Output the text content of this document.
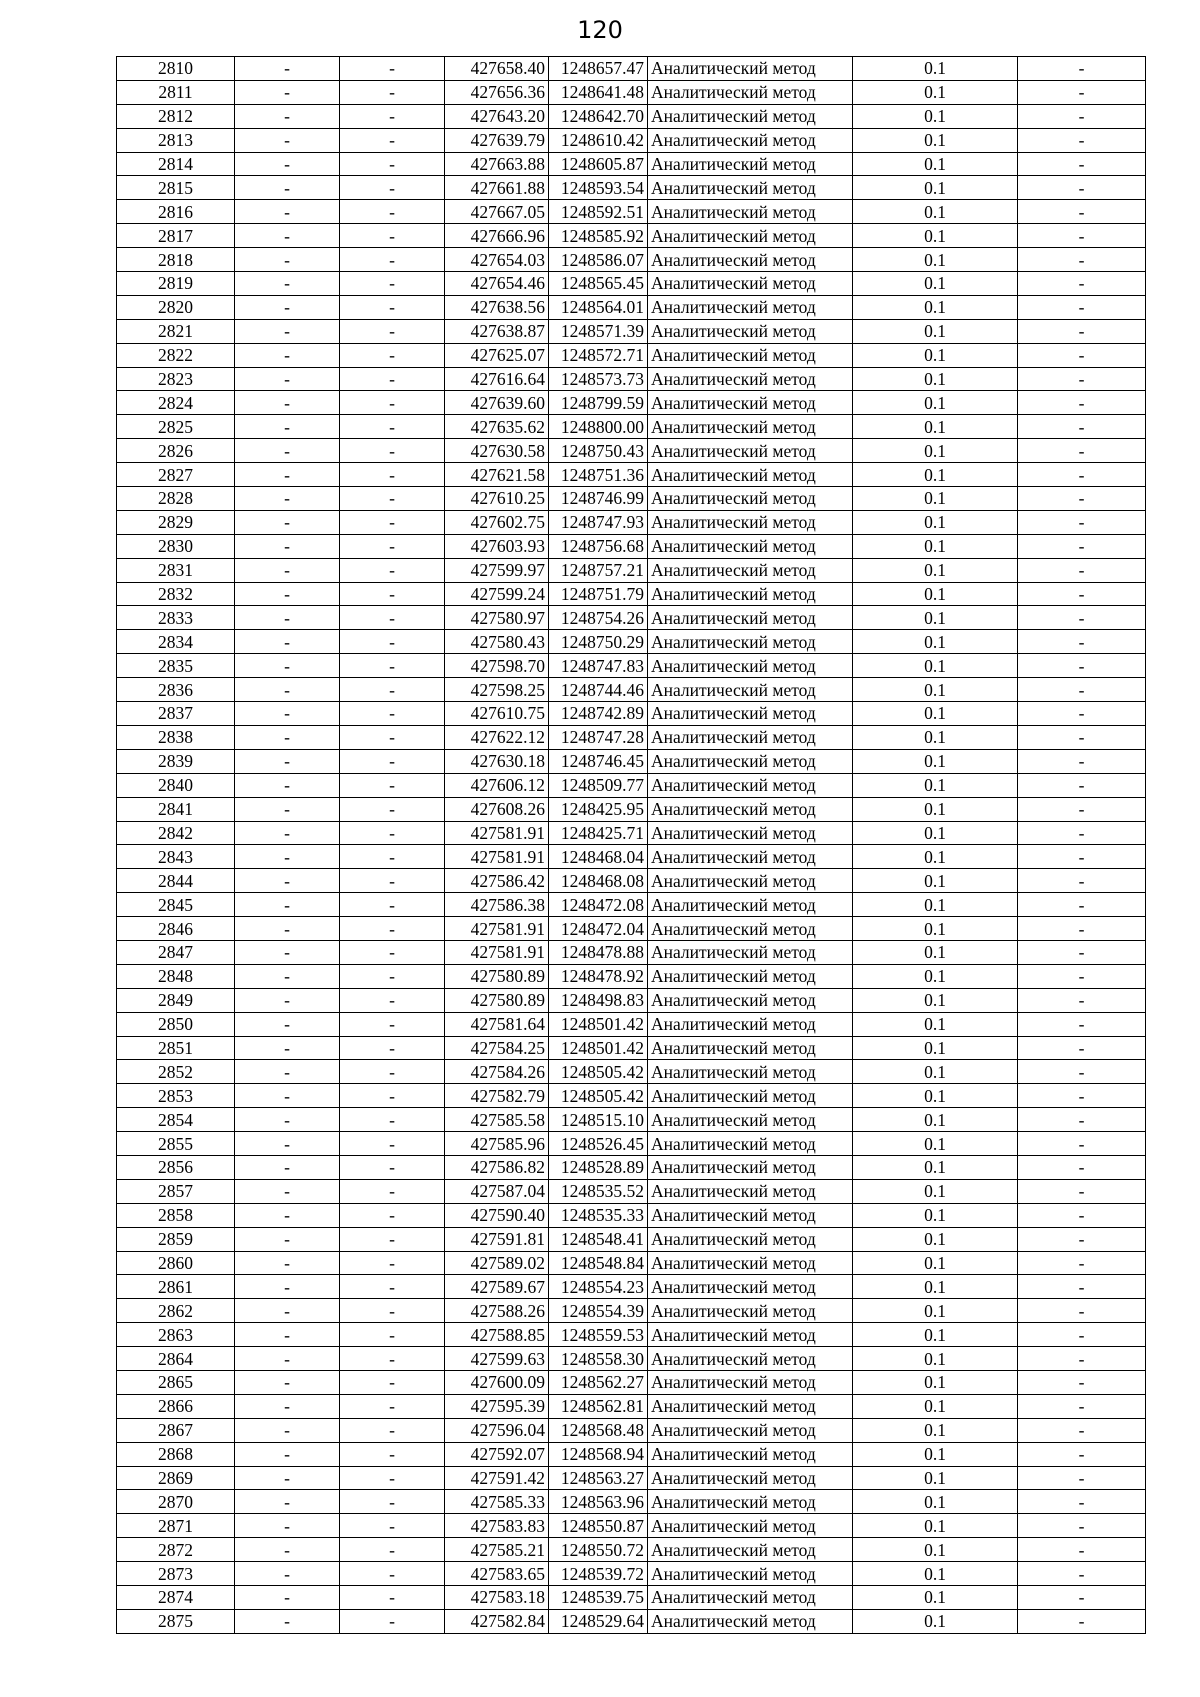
120
2810	-	-	427658.40	1248657.47	Аналитический метод	0.1	-
2811	-	-	427656.36	1248641.48	Аналитический метод	0.1	-
2812	-	-	427643.20	1248642.70	Аналитический метод	0.1	-
2813	-	-	427639.79	1248610.42	Аналитический метод	0.1	-
2814	-	-	427663.88	1248605.87	Аналитический метод	0.1	-
2815	-	-	427661.88	1248593.54	Аналитический метод	0.1	-
2816	-	-	427667.05	1248592.51	Аналитический метод	0.1	-
2817	-	-	427666.96	1248585.92	Аналитический метод	0.1	-
2818	-	-	427654.03	1248586.07	Аналитический метод	0.1	-
2819	-	-	427654.46	1248565.45	Аналитический метод	0.1	-
2820	-	-	427638.56	1248564.01	Аналитический метод	0.1	-
2821	-	-	427638.87	1248571.39	Аналитический метод	0.1	-
2822	-	-	427625.07	1248572.71	Аналитический метод	0.1	-
2823	-	-	427616.64	1248573.73	Аналитический метод	0.1	-
2824	-	-	427639.60	1248799.59	Аналитический метод	0.1	-
2825	-	-	427635.62	1248800.00	Аналитический метод	0.1	-
2826	-	-	427630.58	1248750.43	Аналитический метод	0.1	-
2827	-	-	427621.58	1248751.36	Аналитический метод	0.1	-
2828	-	-	427610.25	1248746.99	Аналитический метод	0.1	-
2829	-	-	427602.75	1248747.93	Аналитический метод	0.1	-
2830	-	-	427603.93	1248756.68	Аналитический метод	0.1	-
2831	-	-	427599.97	1248757.21	Аналитический метод	0.1	-
2832	-	-	427599.24	1248751.79	Аналитический метод	0.1	-
2833	-	-	427580.97	1248754.26	Аналитический метод	0.1	-
2834	-	-	427580.43	1248750.29	Аналитический метод	0.1	-
2835	-	-	427598.70	1248747.83	Аналитический метод	0.1	-
2836	-	-	427598.25	1248744.46	Аналитический метод	0.1	-
2837	-	-	427610.75	1248742.89	Аналитический метод	0.1	-
2838	-	-	427622.12	1248747.28	Аналитический метод	0.1	-
2839	-	-	427630.18	1248746.45	Аналитический метод	0.1	-
2840	-	-	427606.12	1248509.77	Аналитический метод	0.1	-
2841	-	-	427608.26	1248425.95	Аналитический метод	0.1	-
2842	-	-	427581.91	1248425.71	Аналитический метод	0.1	-
2843	-	-	427581.91	1248468.04	Аналитический метод	0.1	-
2844	-	-	427586.42	1248468.08	Аналитический метод	0.1	-
2845	-	-	427586.38	1248472.08	Аналитический метод	0.1	-
2846	-	-	427581.91	1248472.04	Аналитический метод	0.1	-
2847	-	-	427581.91	1248478.88	Аналитический метод	0.1	-
2848	-	-	427580.89	1248478.92	Аналитический метод	0.1	-
2849	-	-	427580.89	1248498.83	Аналитический метод	0.1	-
2850	-	-	427581.64	1248501.42	Аналитический метод	0.1	-
2851	-	-	427584.25	1248501.42	Аналитический метод	0.1	-
2852	-	-	427584.26	1248505.42	Аналитический метод	0.1	-
2853	-	-	427582.79	1248505.42	Аналитический метод	0.1	-
2854	-	-	427585.58	1248515.10	Аналитический метод	0.1	-
2855	-	-	427585.96	1248526.45	Аналитический метод	0.1	-
2856	-	-	427586.82	1248528.89	Аналитический метод	0.1	-
2857	-	-	427587.04	1248535.52	Аналитический метод	0.1	-
2858	-	-	427590.40	1248535.33	Аналитический метод	0.1	-
2859	-	-	427591.81	1248548.41	Аналитический метод	0.1	-
2860	-	-	427589.02	1248548.84	Аналитический метод	0.1	-
2861	-	-	427589.67	1248554.23	Аналитический метод	0.1	-
2862	-	-	427588.26	1248554.39	Аналитический метод	0.1	-
2863	-	-	427588.85	1248559.53	Аналитический метод	0.1	-
2864	-	-	427599.63	1248558.30	Аналитический метод	0.1	-
2865	-	-	427600.09	1248562.27	Аналитический метод	0.1	-
2866	-	-	427595.39	1248562.81	Аналитический метод	0.1	-
2867	-	-	427596.04	1248568.48	Аналитический метод	0.1	-
2868	-	-	427592.07	1248568.94	Аналитический метод	0.1	-
2869	-	-	427591.42	1248563.27	Аналитический метод	0.1	-
2870	-	-	427585.33	1248563.96	Аналитический метод	0.1	-
2871	-	-	427583.83	1248550.87	Аналитический метод	0.1	-
2872	-	-	427585.21	1248550.72	Аналитический метод	0.1	-
2873	-	-	427583.65	1248539.72	Аналитический метод	0.1	-
2874	-	-	427583.18	1248539.75	Аналитический метод	0.1	-
2875	-	-	427582.84	1248529.64	Аналитический метод	0.1	-
